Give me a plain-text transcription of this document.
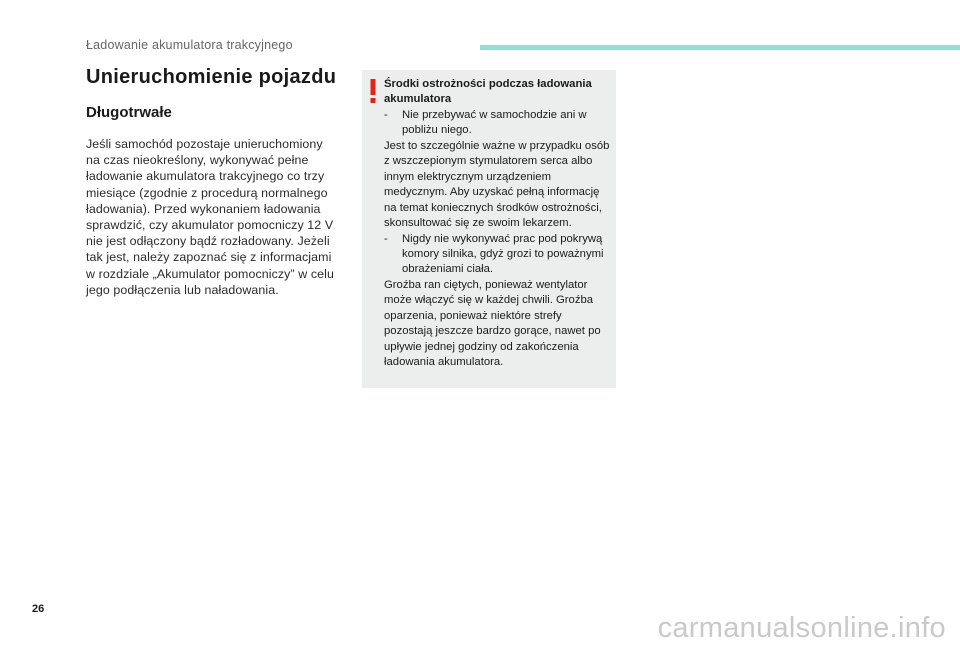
Ładowanie akumulatora trakcyjnego
Unieruchomienie pojazdu
Długotrwałe

Jeśli samochód pozostaje unieruchomiony na czas nieokreślony, wykonywać pełne ładowanie akumulatora trakcyjnego co trzy miesiące (zgodnie z procedurą normalnego ładowania). Przed wykonaniem ładowania sprawdzić, czy akumulator pomocniczy 12 V nie jest odłączony bądź rozładowany. Jeżeli tak jest, należy zapoznać się z informacjami w rozdziale „Akumulator pomocniczy” w celu jego podłączenia lub naładowania.

Środki ostrożności podczas ładowania akumulatora
-	Nie przebywać w samochodzie ani w pobliżu niego.
Jest to szczególnie ważne w przypadku osób z wszczepionym stymulatorem serca albo innym elektrycznym urządzeniem medycznym. Aby uzyskać pełną informację na temat koniecznych środków ostrożności, skonsultować się ze swoim lekarzem.
-	Nigdy nie wykonywać prac pod pokrywą komory silnika, gdyż grozi to poważnymi obrażeniami ciała.
Groźba ran ciętych, ponieważ wentylator może włączyć się w każdej chwili. Groźba oparzenia, ponieważ niektóre strefy pozostają jeszcze bardzo gorące, nawet po upływie jednej godziny od zakończenia ładowania akumulatora.
26
carmanualsonline.info
